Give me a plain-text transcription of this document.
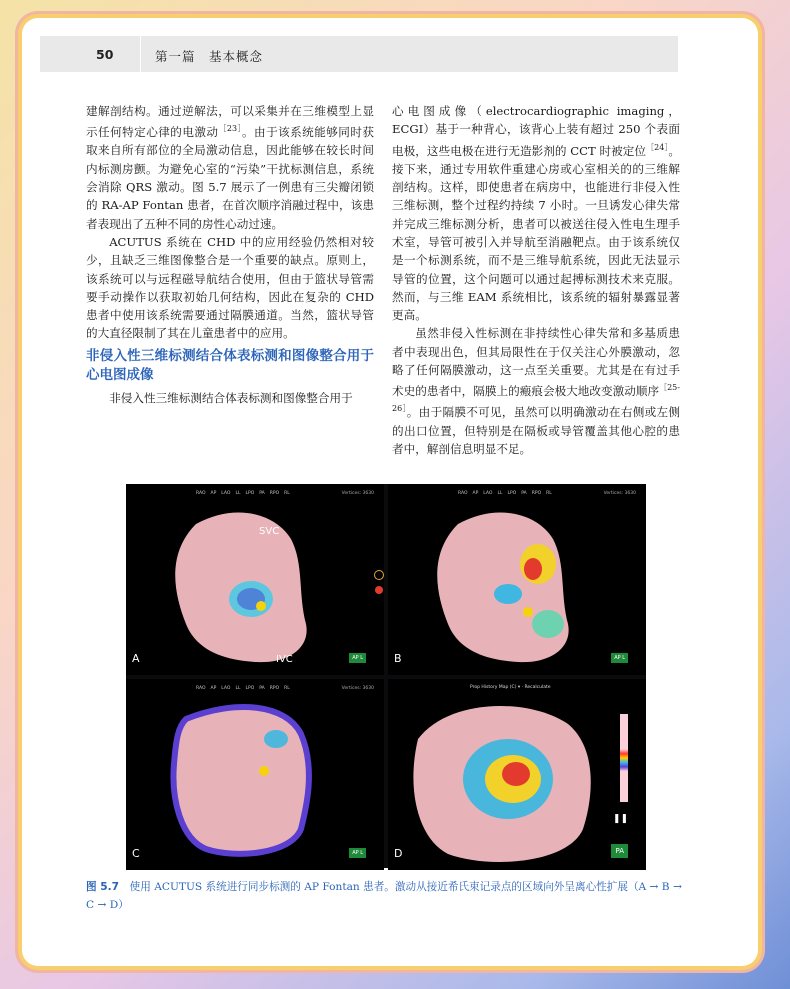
50	第一篇　基本概念

建解剖结构。通过逆解法，可以采集并在三维模型上显示任何特定心律的电激动$^{[23]}$。由于该系统能够同时获取来自所有部位的全局激动信息，因此能够在较长时间内标测房颤。为避免心室的“污染”干扰标测信息，系统会消除 QRS 激动。图 5.7 展示了一例患有三尖瓣闭锁的 RA-AP Fontan 患者，在首次顺序消融过程中，该患者表现出了五种不同的房性心动过速。

ACUTUS 系统在 CHD 中的应用经验仍然相对较少，且缺乏三维图像整合是一个重要的缺点。原则上，该系统可以与远程磁导航结合使用，但由于篮状导管需要手动操作以获取初始几何结构，因此在复杂的 CHD 患者中使用该系统需要通过隔膜通道。当然，篮状导管的大直径限制了其在儿童患者中的应用。

非侵入性三维标测结合体表标测和图像整合用于心电图成像

非侵入性三维标测结合体表标测和图像整合用于

心电图成像（electrocardiographic imaging，ECGI）基于一种背心，该背心上装有超过 250 个表面电极，这些电极在进行无造影剂的 CCT 时被定位$^{[24]}$。接下来，通过专用软件重建心房或心室相关的的三维解剖结构。这样，即使患者在病房中，也能进行非侵入性三维标测，整个过程约持续 7 小时。一旦诱发心律失常并完成三维标测分析，患者可以被送往侵入性电生理手术室，导管可被引入并导航至消融靶点。由于该系统仅是一个标测系统，而不是三维导航系统，因此无法显示导管的位置，这个问题可以通过起搏标测技术来克服。然而，与三维 EAM 系统相比，该系统的辐射暴露显著更高。

虽然非侵入性标测在非持续性心律失常和多基质患者中表现出色，但其局限性在于仅关注心外膜激动，忽略了任何隔膜激动，这一点至关重要。尤其是在有过手术史的患者中，隔膜上的瘢痕会极大地改变激动顺序$^{[25-26]}$。由于隔膜不可见，虽然可以明确激动在右侧或左侧的出口位置，但特别是在隔板或导管覆盖其他心腔的患者中，解剖信息明显不足。

RAO AP LAO LL LPO PA RPO RL	Vertices: 3630
SVC
IVC
A	AP L
RAO AP LAO LL LPO PA RPO RL	Vertices: 3630
B	AP L
RAO AP LAO LL LPO PA RPO RL	Vertices: 3630
C	AP L
Prop History Map (C) ▾ · Recalculate
❚❚
D	PA
图 5.7　 使用 ACUTUS 系统进行同步标测的 AP Fontan 患者。激动从接近希氏束记录点的区域向外呈离心性扩展（A → B → C → D）
